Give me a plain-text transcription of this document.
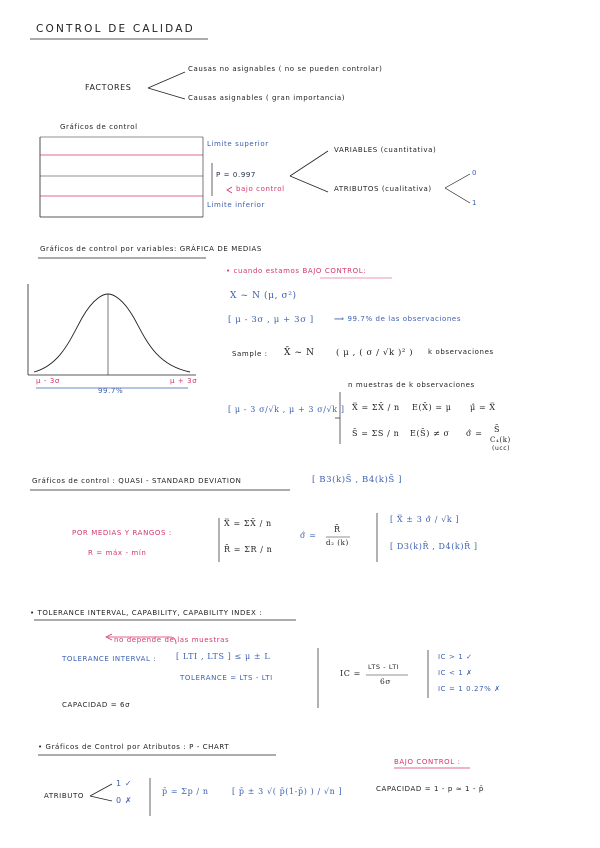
CONTROL DE CALIDAD
FACTORES
Causas no asignables ( no se pueden controlar)
Causas asignables ( gran importancia)
Gráficos de control
Limite superior
P = 0.997
bajo control
Limite inferior
VARIABLES (cuantitativa)
ATRIBUTOS (cualitativa)
0
1
Gráficos de control por variables: GRÁFICA DE MEDIAS
• cuando estamos BAJO CONTROL:
X ~ N (μ, σ²)
[ μ - 3σ , μ + 3σ ]	⟹ 99.7% de las observaciones
Sample : X̄ ~ N	( μ , ( σ / √k )² ) k observaciones
μ - 3σ	μ + 3σ
99.7%
n muestras de k observaciones
[ μ - 3 σ/√k , μ + 3 σ/√k ] X̿ = ΣX̄ / n E(X̄) = μ μ̂ = X̿
S̄ = ΣS / n E(S̄) ≠ σ σ̂ = S̄
C₄(k)
(ucc)
Gráficos de control : QUASI - STANDARD DEVIATION	[ B3(k)S̄ , B4(k)S̄ ]
POR MEDIAS Y RANGOS :
R = máx - mín
X̿ = ΣX̄ / n
R̄ = ΣR / n
σ̂ =
R̄
d₂ (k)
[ X̿ ± 3 σ̂ / √k ]
[ D3(k)R̄ , D4(k)R̄ ]
• TOLERANCE INTERVAL, CAPABILITY, CAPABILITY INDEX :
no depende de las muestras
TOLERANCE INTERVAL : [ LTI , LTS ] ≤ μ ± L
TOLERANCE = LTS - LTI
CAPACIDAD = 6σ
IC =
LTS - LTI
6σ
IC > 1 ✓
IC < 1 ✗
IC = 1 0.27% ✗
• Gráficos de Control por Atributos : P - CHART
BAJO CONTROL :
ATRIBUTO
1 ✓
0 ✗
p̄ = Σp / n	[ p̄ ± 3 √( p̄(1-p̄) ) / √n ]	CAPACIDAD = 1 - p ≈ 1 - p̄
